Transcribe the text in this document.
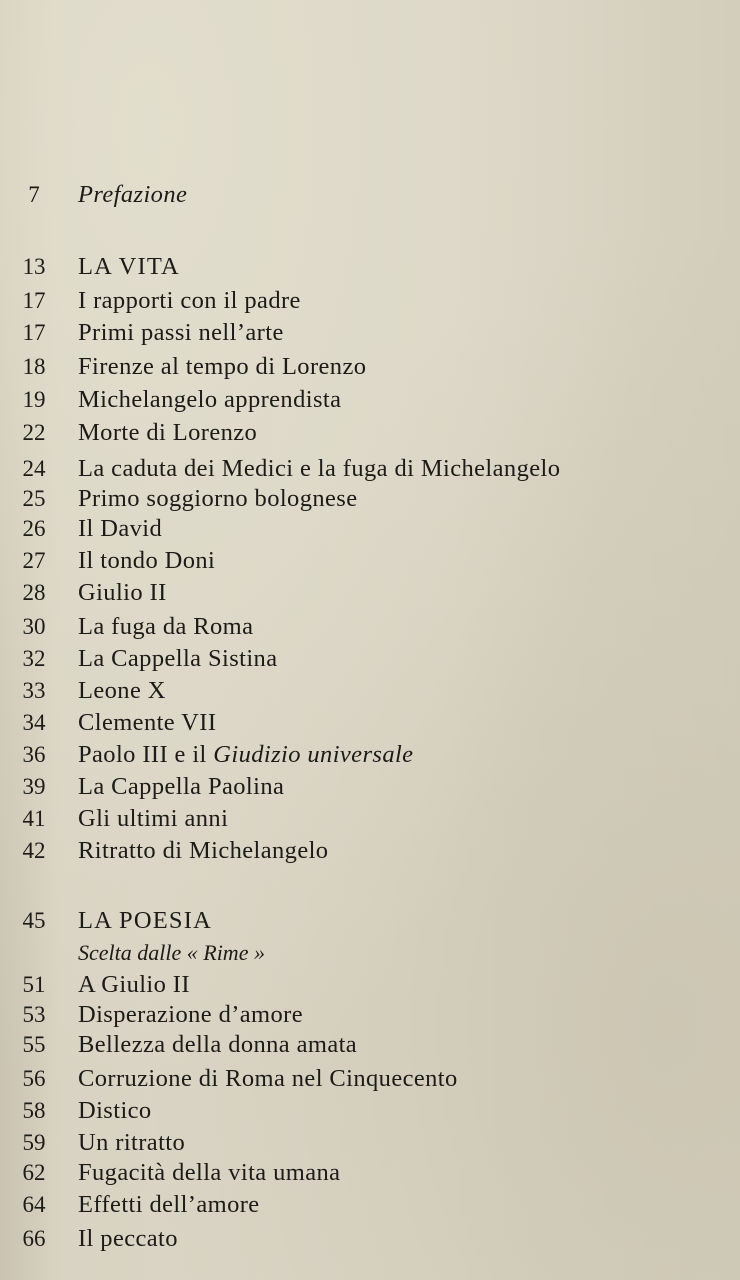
7	Prefazione
13 LA VITA
17 I rapporti con il padre
17 Primi passi nell’arte
18 Firenze al tempo di Lorenzo
19 Michelangelo apprendista
22 Morte di Lorenzo
24 La caduta dei Medici e la fuga di Michelangelo
25 Primo soggiorno bolognese
26 Il David
27 Il tondo Doni
28 Giulio II
30 La fuga da Roma
32 La Cappella Sistina
33 Leone X
34 Clemente VII
36 Paolo III e il Giudizio universale
39 La Cappella Paolina
41 Gli ultimi anni
42 Ritratto di Michelangelo
45 LA POESIA
Scelta dalle « Rime »
51 A Giulio II
53 Disperazione d’amore
55 Bellezza della donna amata
56 Corruzione di Roma nel Cinquecento
58 Distico
59 Un ritratto
62 Fugacità della vita umana
64 Effetti dell’amore
66 Il peccato
